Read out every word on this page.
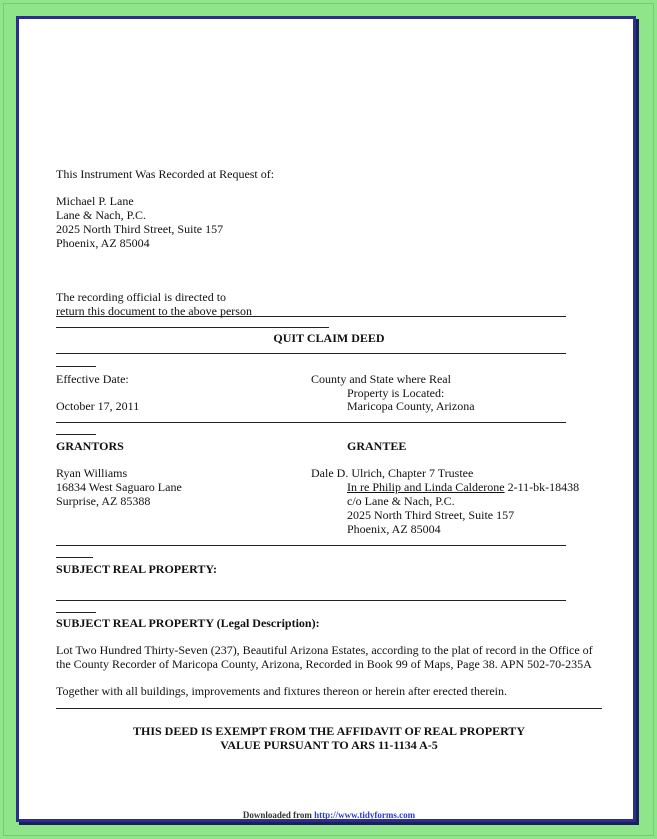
This Instrument Was Recorded at Request of:
Michael P. Lane
Lane & Nach, P.C.
2025 North Third Street, Suite 157
Phoenix, AZ 85004
The recording official is directed to
return this document to the above person
QUIT CLAIM DEED
Effective Date:
October 17, 2011
County and State where Real
Property is Located:
Maricopa County, Arizona
GRANTORS
Ryan Williams
16834 West Saguaro Lane
Surprise, AZ 85388
GRANTEE
Dale D. Ulrich, Chapter 7 Trustee
In re Philip and Linda Calderone 2-11-bk-18438
c/o Lane & Nach, P.C.
2025 North Third Street, Suite 157
Phoenix, AZ 85004
SUBJECT REAL PROPERTY:
SUBJECT REAL PROPERTY (Legal Description):
Lot Two Hundred Thirty-Seven (237), Beautiful Arizona Estates, according to the plat of record in the Office of
the County Recorder of Maricopa County, Arizona, Recorded in Book 99 of Maps, Page 38. APN 502-70-235A
Together with all buildings, improvements and fixtures thereon or herein after erected therein.
THIS DEED IS EXEMPT FROM THE AFFIDAVIT OF REAL PROPERTY
VALUE PURSUANT TO ARS 11-1134 A-5
Downloaded from http://www.tidyforms.com
